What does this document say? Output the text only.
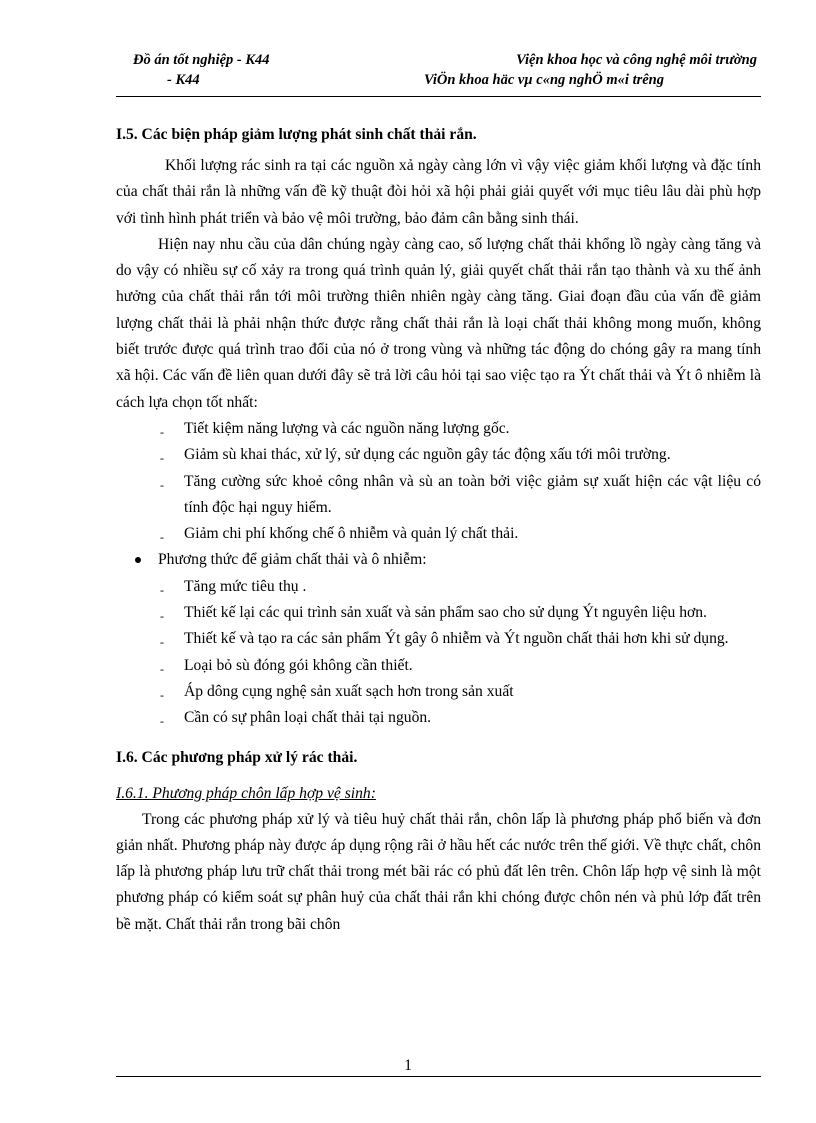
Đồ án tốt nghiệp - K44
- K44
Viện khoa học và công nghệ môi trường
ViÖn khoa häc vµ c«ng nghÖ m«i trêng
I.5. Các biện pháp giảm lượng phát sinh chất thải rắn.

Khối lượng rác sinh ra tại các nguồn xả ngày càng lớn vì vậy việc giảm khối lượng và đặc tính của chất thải rắn là những vấn đề kỹ thuật đòi hỏi xã hội phải giải quyết với mục tiêu lâu dài phù hợp với tình hình phát triển và bảo vệ môi trường, bảo đảm cân bằng sinh thái.

Hiện nay nhu cầu của dân chúng ngày càng cao, số lượng chất thải khổng lồ ngày càng tăng và do vậy có nhiều sự cố xảy ra trong quá trình quản lý, giải quyết chất thải rắn tạo thành và xu thế ảnh hưởng của chất thải rắn tới môi trường thiên nhiên ngày càng tăng. Giai đoạn đầu của vấn đề giảm lượng chất thải là phải nhận thức được rằng chất thải rắn là loại chất thải không mong muốn, không biết trước được quá trình trao đổi của nó ở trong vùng và những tác động do chóng gây ra mang tính xã hội. Các vấn đề liên quan dưới đây sẽ trả lời câu hỏi tại sao việc tạo ra Ýt chất thải và Ýt ô nhiễm là cách lựa chọn tốt nhất:

- Tiết kiệm năng lượng và các nguồn năng lượng gốc.
- Giảm sù khai thác, xử lý, sử dụng các nguồn gây tác động xấu tới môi trường.
- Tăng cường sức khoẻ công nhân và sù an toàn bởi việc giảm sự xuất hiện các vật liệu có tính độc hại nguy hiểm.
- Giảm chi phí khống chế ô nhiễm và quản lý chất thải.
Phương thức để giảm chất thải và ô nhiễm:
- Tăng mức tiêu thụ .
- Thiết kế lại các qui trình sản xuất và sản phẩm sao cho sử dụng Ýt nguyên liệu hơn.
- Thiết kế và tạo ra các sản phẩm Ýt gây ô nhiễm và Ýt nguồn chất thải hơn khi sử dụng.
- Loại bỏ sù đóng gói không cần thiết.
- Áp dông cụng nghệ sản xuất sạch hơn trong sản xuất
- Cần có sự phân loại chất thải tại nguồn.
I.6. Các phương pháp xử lý rác thải.
I.6.1. Phương pháp chôn lấp hợp vệ sinh:

Trong các phương pháp xử lý và tiêu huỷ chất thải rắn, chôn lấp là phương pháp phổ biến và đơn giản nhất. Phương pháp này được áp dụng rộng rãi ở hầu hết các nước trên thế giới. Về thực chất, chôn lấp là phương pháp lưu trữ chất thải trong mét bãi rác có phủ đất lên trên. Chôn lấp hợp vệ sinh là một phương pháp có kiểm soát sự phân huỷ của chất thải rắn khi chóng được chôn nén và phủ lớp đất trên bề mặt. Chất thải rắn trong bãi chôn

1
